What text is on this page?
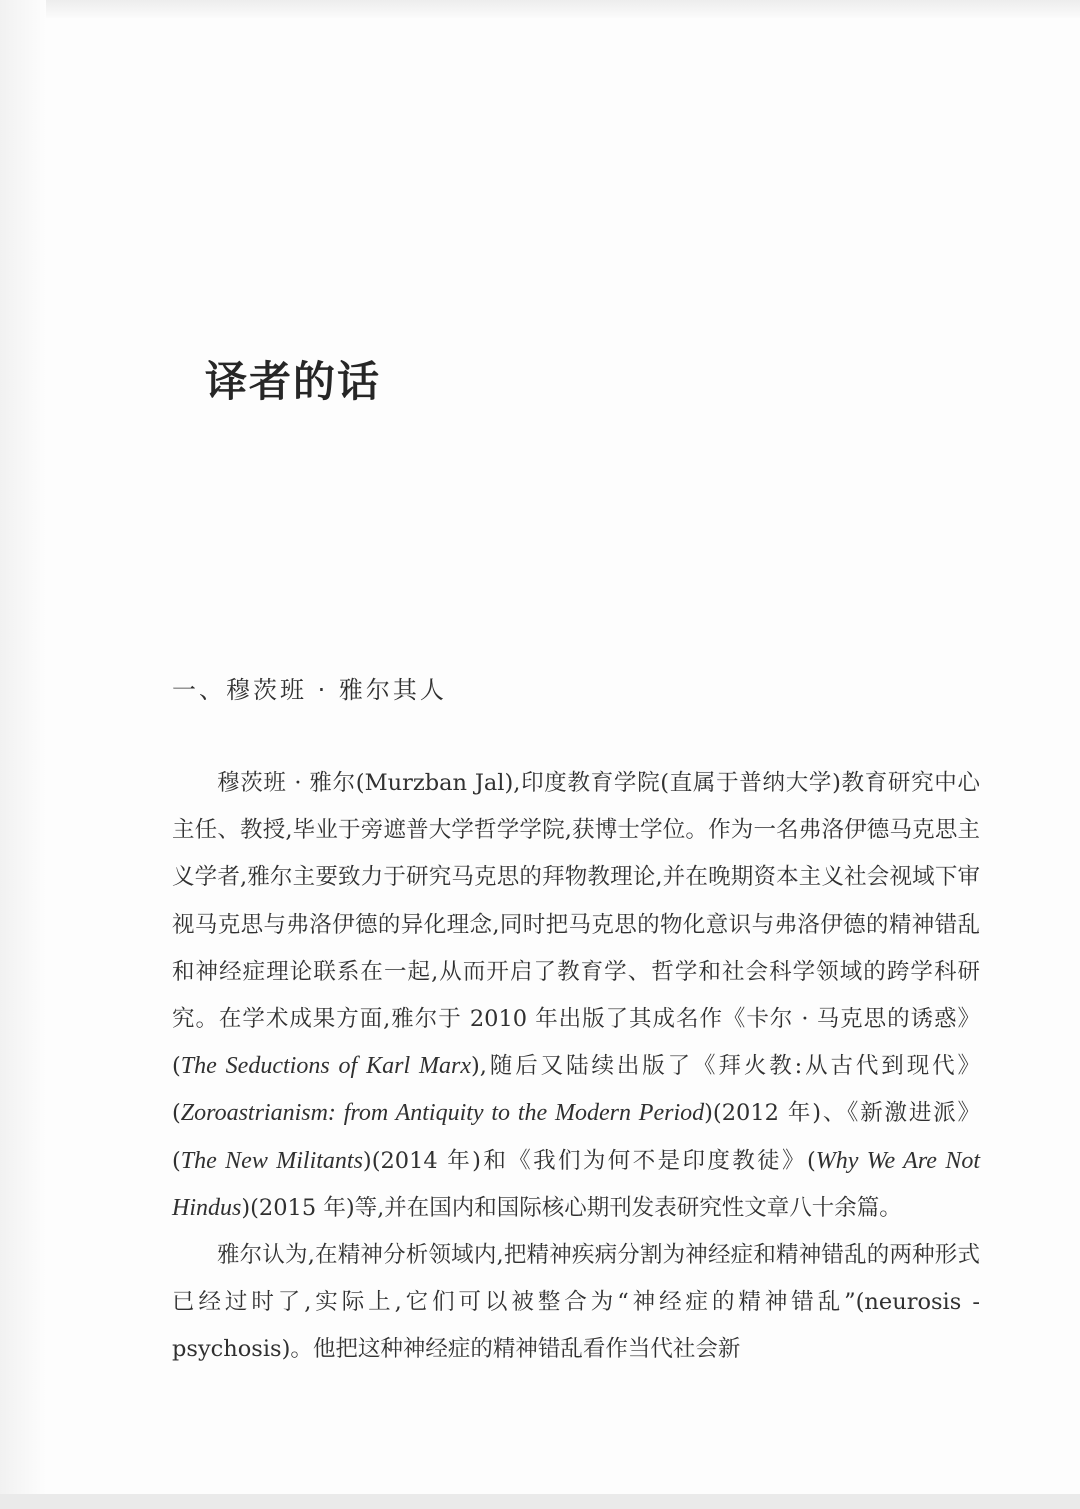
译者的话
一、穆茨班 · 雅尔其人

穆茨班 · 雅尔(Murzban Jal),印度教育学院(直属于普纳大学)教育研究中心主任、教授,毕业于旁遮普大学哲学学院,获博士学位。作为一名弗洛伊德马克思主义学者,雅尔主要致力于研究马克思的拜物教理论,并在晚期资本主义社会视域下审视马克思与弗洛伊德的异化理念,同时把马克思的物化意识与弗洛伊德的精神错乱和神经症理论联系在一起,从而开启了教育学、哲学和社会科学领域的跨学科研究。在学术成果方面,雅尔于 2010 年出版了其成名作《卡尔 · 马克思的诱惑》(The Seductions of Karl Marx),随后又陆续出版了《拜火教:从古代到现代》(Zoroastrianism: from Antiquity to the Modern Period)(2012 年)、《新激进派》(The New Militants)(2014 年)和《我们为何不是印度教徒》(Why We Are Not Hindus)(2015 年)等,并在国内和国际核心期刊发表研究性文章八十余篇。

雅尔认为,在精神分析领域内,把精神疾病分割为神经症和精神错乱的两种形式已经过时了,实际上,它们可以被整合为“神经症的精神错乱”(neurosis - psychosis)。他把这种神经症的精神错乱看作当代社会新
